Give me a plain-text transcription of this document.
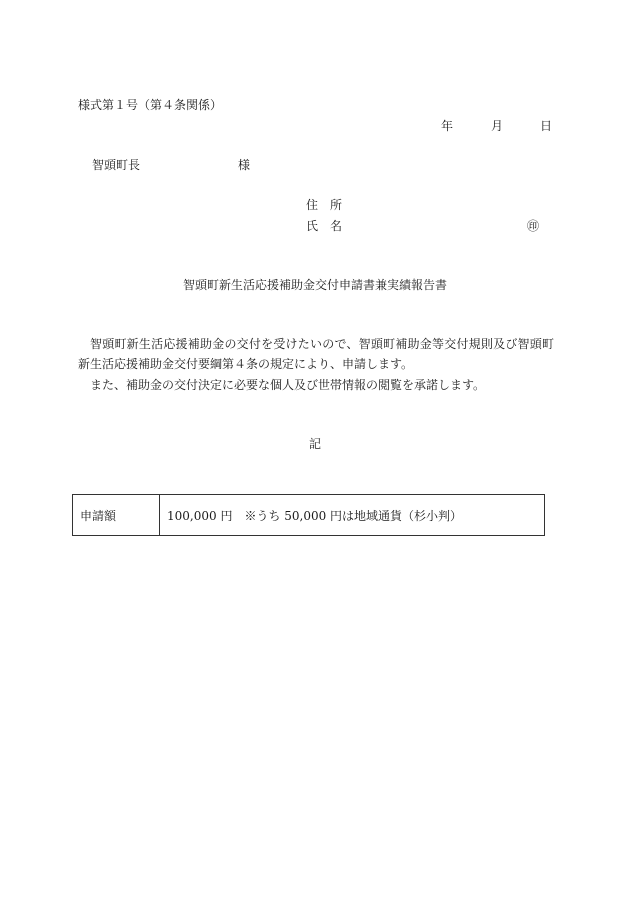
様式第１号（第４条関係）
年	月	日
智頭町長	様
住　所
氏　名	㊞
智頭町新生活応援補助金交付申請書兼実績報告書
智頭町新生活応援補助金の交付を受けたいので、智頭町補助金等交付規則及び智頭町
新生活応援補助金交付要綱第４条の規定により、申請します。
また、補助金の交付決定に必要な個人及び世帯情報の閲覧を承諾します。
記
申請額	100,000 円　※うち 50,000 円は地域通貨（杉小判）
